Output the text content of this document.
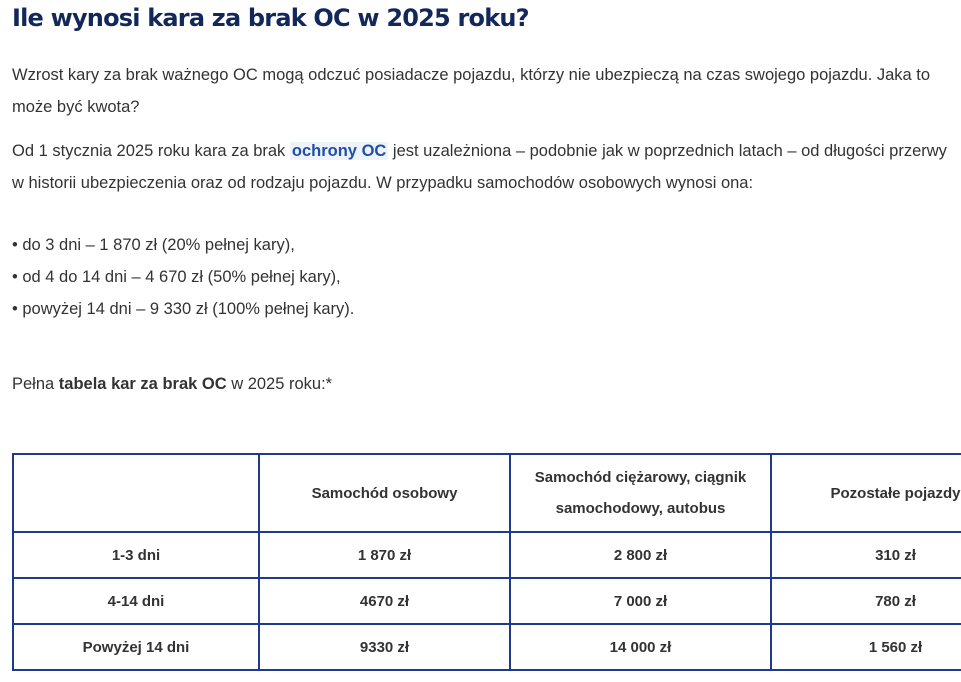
Ile wynosi kara za brak OC w 2025 roku?

Wzrost kary za brak ważnego OC mogą odczuć posiadacze pojazdu, którzy nie ubezpieczą na czas swojego pojazdu. Jaka to może być kwota?

Od 1 stycznia 2025 roku kara za brak ochrony OC jest uzależniona – podobnie jak w poprzednich latach – od długości przerwy w historii ubezpieczenia oraz od rodzaju pojazdu. W przypadku samochodów osobowych wynosi ona:

• do 3 dni – 1 870 zł (20% pełnej kary),
• od 4 do 14 dni – 4 670 zł (50% pełnej kary),
• powyżej 14 dni – 9 330 zł (100% pełnej kary).

Pełna tabela kar za brak OC w 2025 roku:*

	Samochód osobowy	Samochód ciężarowy, ciągnik samochodowy, autobus	Pozostałe pojazdy
1-3 dni	1 870 zł	2 800 zł	310 zł
4-14 dni	4670 zł	7 000 zł	780 zł
Powyżej 14 dni	9330 zł	14 000 zł	1 560 zł
